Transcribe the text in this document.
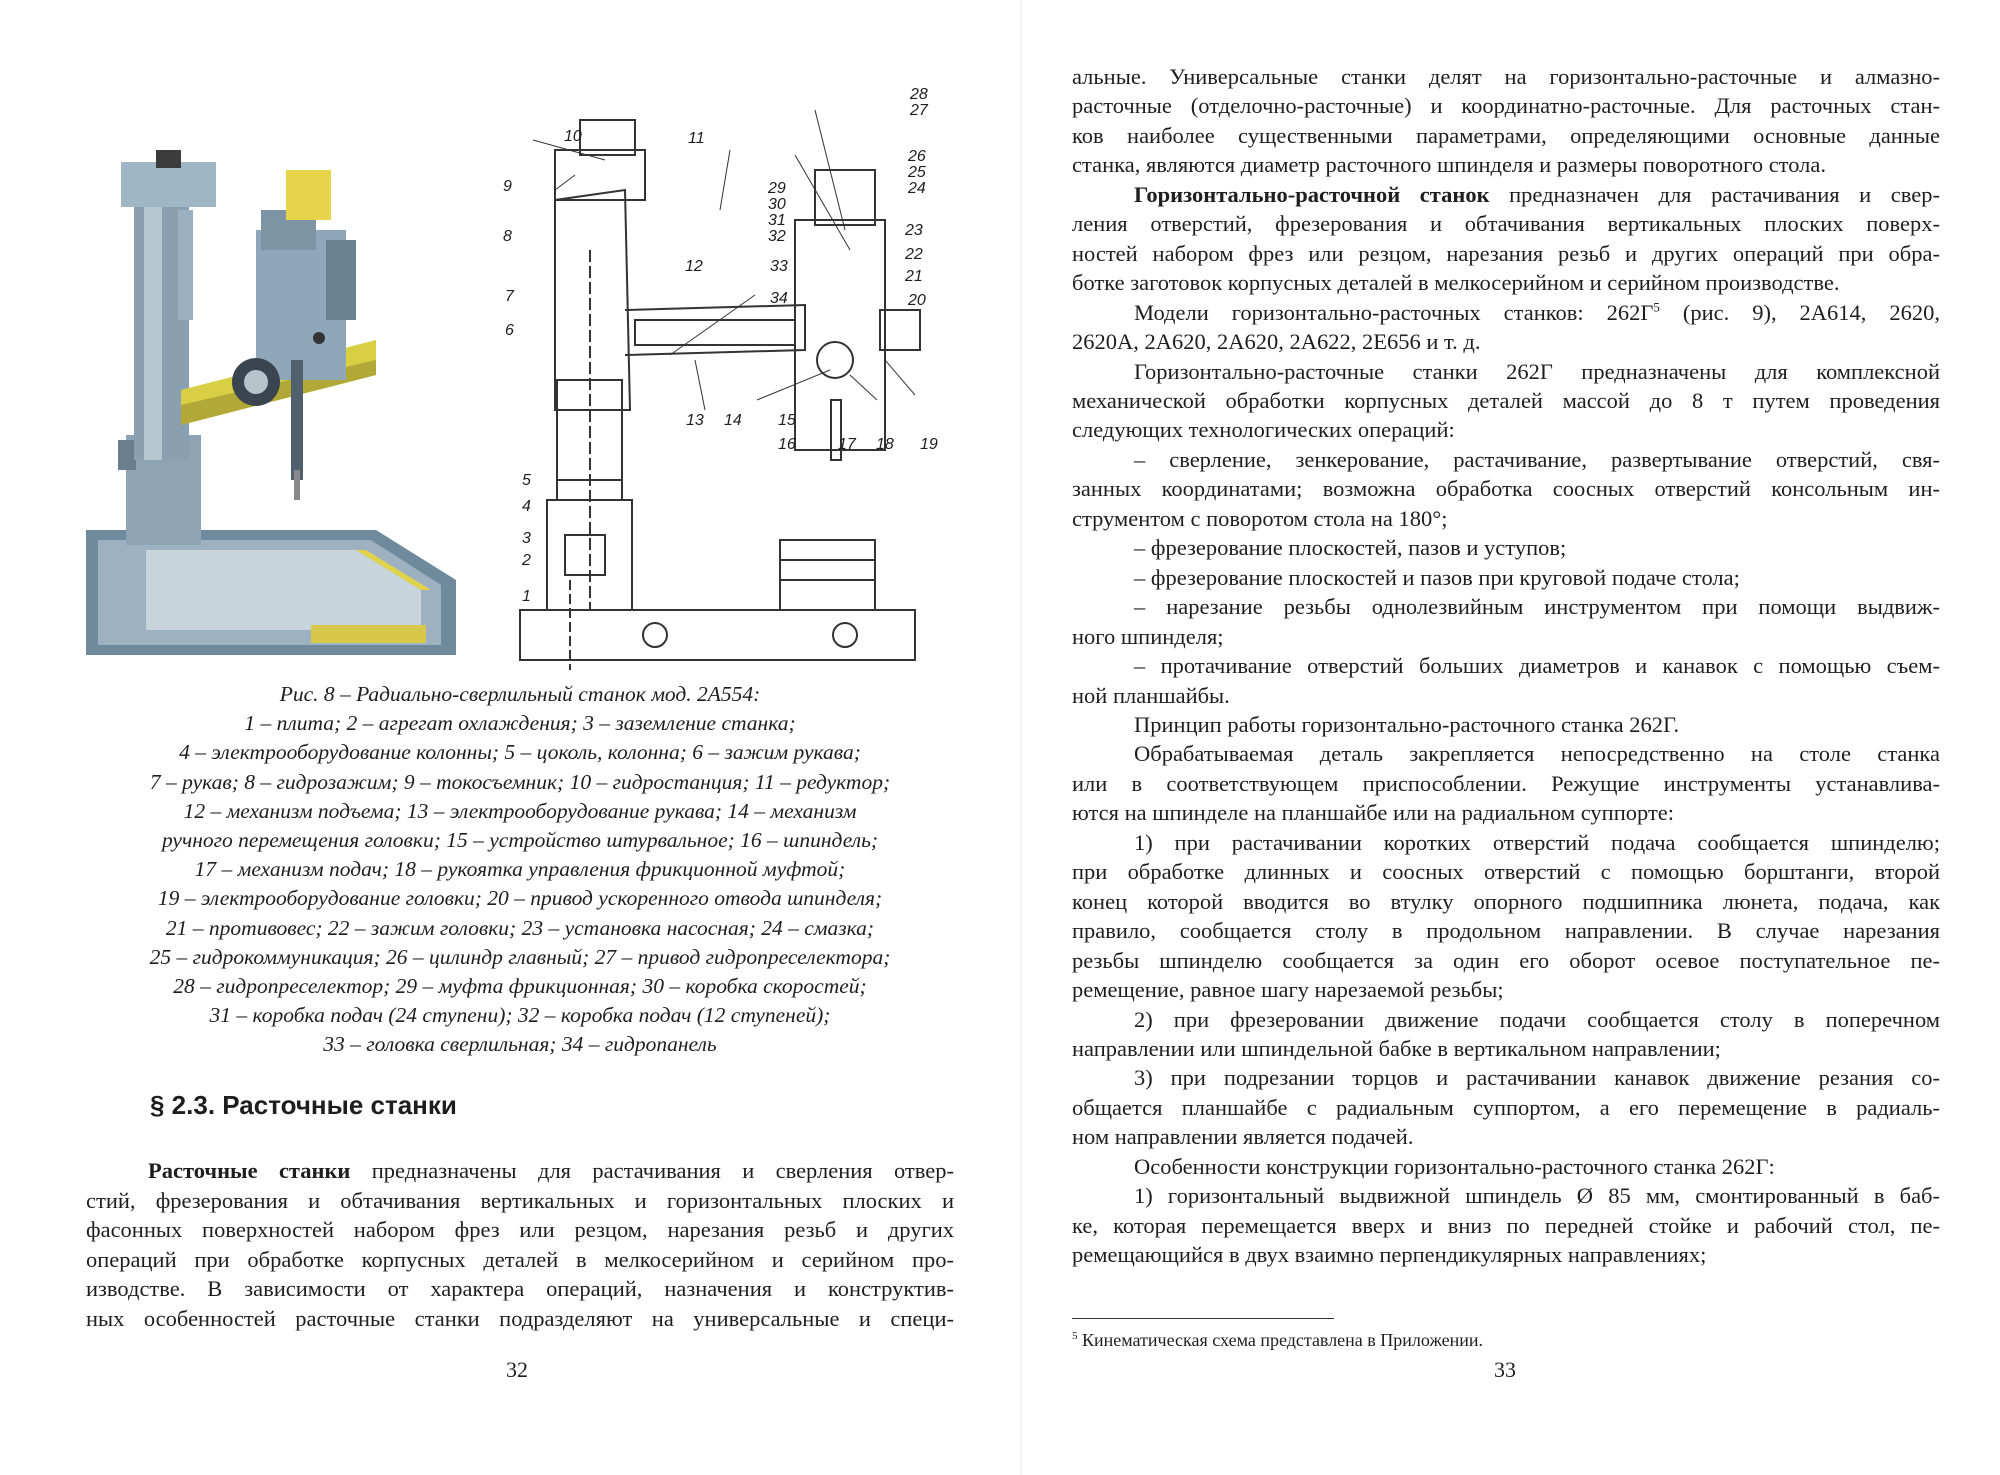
28
27
26
25
24
10	11
9	29
30
31
32
8
33
12
23
22
21
7	34	20
6
13 14 15
16	17 18 19
5
4
3
2
1
Рис. 8 – Радиально-сверлильный станок мод. 2А554:
1 – плита; 2 – агрегат охлаждения; 3 – заземление станка;
4 – электрооборудование колонны; 5 – цоколь, колонна; 6 – зажим рукава;
7 – рукав; 8 – гидрозажим; 9 – токосъемник; 10 – гидростанция; 11 – редуктор;
12 – механизм подъема; 13 – электрооборудование рукава; 14 – механизм
ручного перемещения головки; 15 – устройство штурвальное; 16 – шпиндель;
17 – механизм подач; 18 – рукоятка управления фрикционной муфтой;
19 – электрооборудование головки; 20 – привод ускоренного отвода шпинделя;
21 – противовес; 22 – зажим головки; 23 – установка насосная; 24 – смазка;
25 – гидрокоммуникация; 26 – цилиндр главный; 27 – привод гидропреселектора;
28 – гидропреселектор; 29 – муфта фрикционная; 30 – коробка скоростей;
31 – коробка подач (24 ступени); 32 – коробка подач (12 ступеней);
33 – головка сверлильная; 34 – гидропанель
§ 2.3. Расточные станки
Расточные станки предназначены для растачивания и сверления отвер-
стий, фрезерования и обтачивания вертикальных и горизонтальных плоских и
фасонных поверхностей набором фрез или резцом, нарезания резьб и других
операций при обработке корпусных деталей в мелкосерийном и серийном про-
изводстве. В зависимости от характера операций, назначения и конструктив-
ных особенностей расточные станки подразделяют на универсальные и специ-
32
альные. Универсальные станки делят на горизонтально-расточные и алмазно-
расточные (отделочно-расточные) и координатно-расточные. Для расточных стан-
ков наиболее существенными параметрами, определяющими основные данные
станка, являются диаметр расточного шпинделя и размеры поворотного стола.
Горизонтально-расточной станок предназначен для растачивания и свер-
ления отверстий, фрезерования и обтачивания вертикальных плоских поверх-
ностей набором фрез или резцом, нарезания резьб и других операций при обра-
ботке заготовок корпусных деталей в мелкосерийном и серийном производстве.
Модели горизонтально-расточных станков: $262Г^5$ (рис. 9), 2А614, 2620,
2620А, 2А620, 2А620, 2А622, 2Е656 и т. д.
Горизонтально-расточные станки 262Г предназначены для комплексной
механической обработки корпусных деталей массой до 8 т путем проведения
следующих технологических операций:
– сверление, зенкерование, растачивание, развертывание отверстий, свя-
занных координатами; возможна обработка соосных отверстий консольным ин-
струментом с поворотом стола на 180°;
– фрезерование плоскостей, пазов и уступов;
– фрезерование плоскостей и пазов при круговой подаче стола;
– нарезание резьбы однолезвийным инструментом при помощи выдвиж-
ного шпинделя;
– протачивание отверстий больших диаметров и канавок с помощью съем-
ной планшайбы.
Принцип работы горизонтально-расточного станка 262Г.
Обрабатываемая деталь закрепляется непосредственно на столе станка
или в соответствующем приспособлении. Режущие инструменты устанавлива-
ются на шпинделе на планшайбе или на радиальном суппорте:
1) при растачивании коротких отверстий подача сообщается шпинделю;
при обработке длинных и соосных отверстий с помощью борштанги, второй
конец которой вводится во втулку опорного подшипника люнета, подача, как
правило, сообщается столу в продольном направлении. В случае нарезания
резьбы шпинделю сообщается за один его оборот осевое поступательное пе-
ремещение, равное шагу нарезаемой резьбы;
2) при фрезеровании движение подачи сообщается столу в поперечном
направлении или шпиндельной бабке в вертикальном направлении;
3) при подрезании торцов и растачивании канавок движение резания со-
общается планшайбе с радиальным суппортом, а его перемещение в радиаль-
ном направлении является подачей.
Особенности конструкции горизонтально-расточного станка 262Г:
1) горизонтальный выдвижной шпиндель Ø 85 мм, смонтированный в баб-
ке, которая перемещается вверх и вниз по передней стойке и рабочий стол, пе-
ремещающийся в двух взаимно перпендикулярных направлениях;
$^5$ Кинематическая схема представлена в Приложении.
33
